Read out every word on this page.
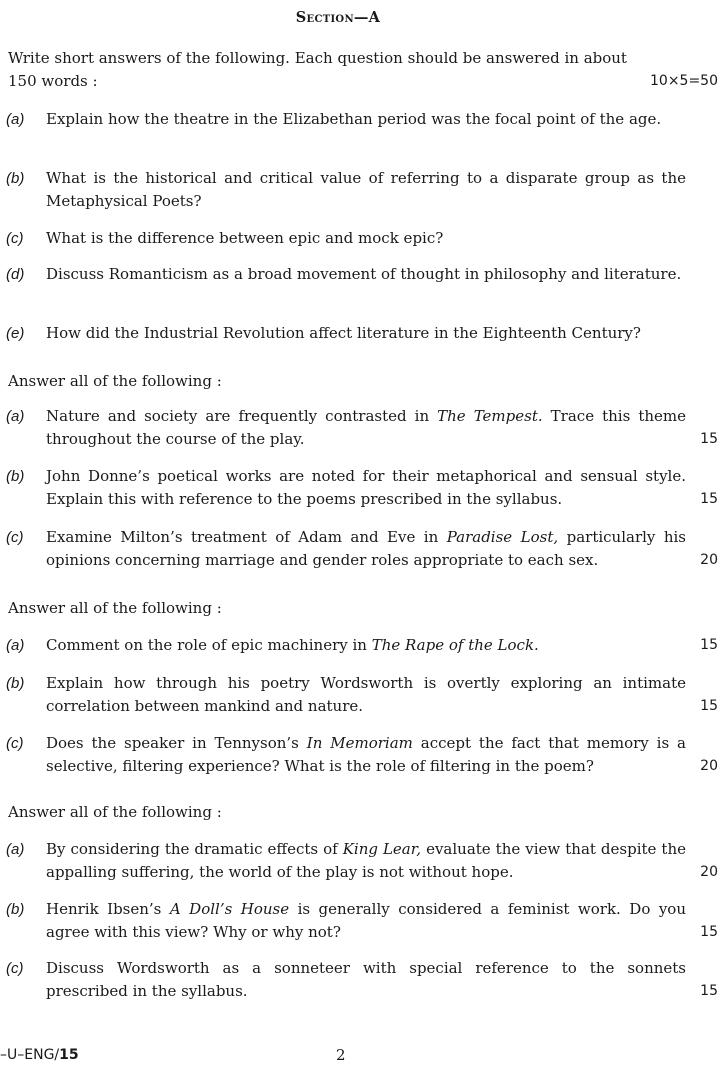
Section—A
Write short answers of the following. Each question should be answered in about
150 words :	10×5=50
(a)	Explain how the theatre in the Elizabethan period was the focal point of the age.
(b)	What is the historical and critical value of referring to a disparate group as the Metaphysical Poets?
(c)	What is the difference between epic and mock epic?
(d)	Discuss Romanticism as a broad movement of thought in philosophy and literature.
(e)	How did the Industrial Revolution affect literature in the Eighteenth Century?
Answer all of the following :
(a)	Nature and society are frequently contrasted in The Tempest. Trace this theme throughout the course of the play.	15
(b)	John Donne’s poetical works are noted for their metaphorical and sensual style. Explain this with reference to the poems prescribed in the syllabus.	15
(c)	Examine Milton’s treatment of Adam and Eve in Paradise Lost, particularly his opinions concerning marriage and gender roles appropriate to each sex.	20
Answer all of the following :
(a)	Comment on the role of epic machinery in The Rape of the Lock.	15
(b)	Explain how through his poetry Wordsworth is overtly exploring an intimate correlation between mankind and nature.	15
(c)	Does the speaker in Tennyson’s In Memoriam accept the fact that memory is a selective, filtering experience? What is the role of filtering in the poem?	20
Answer all of the following :
(a)	By considering the dramatic effects of King Lear, evaluate the view that despite the appalling suffering, the world of the play is not without hope.	20
(b)	Henrik Ibsen’s A Doll’s House is generally considered a feminist work. Do you agree with this view? Why or why not?	15
(c)	Discuss Wordsworth as a sonneteer with special reference to the sonnets prescribed in the syllabus.	15
–U–ENG/15	2
